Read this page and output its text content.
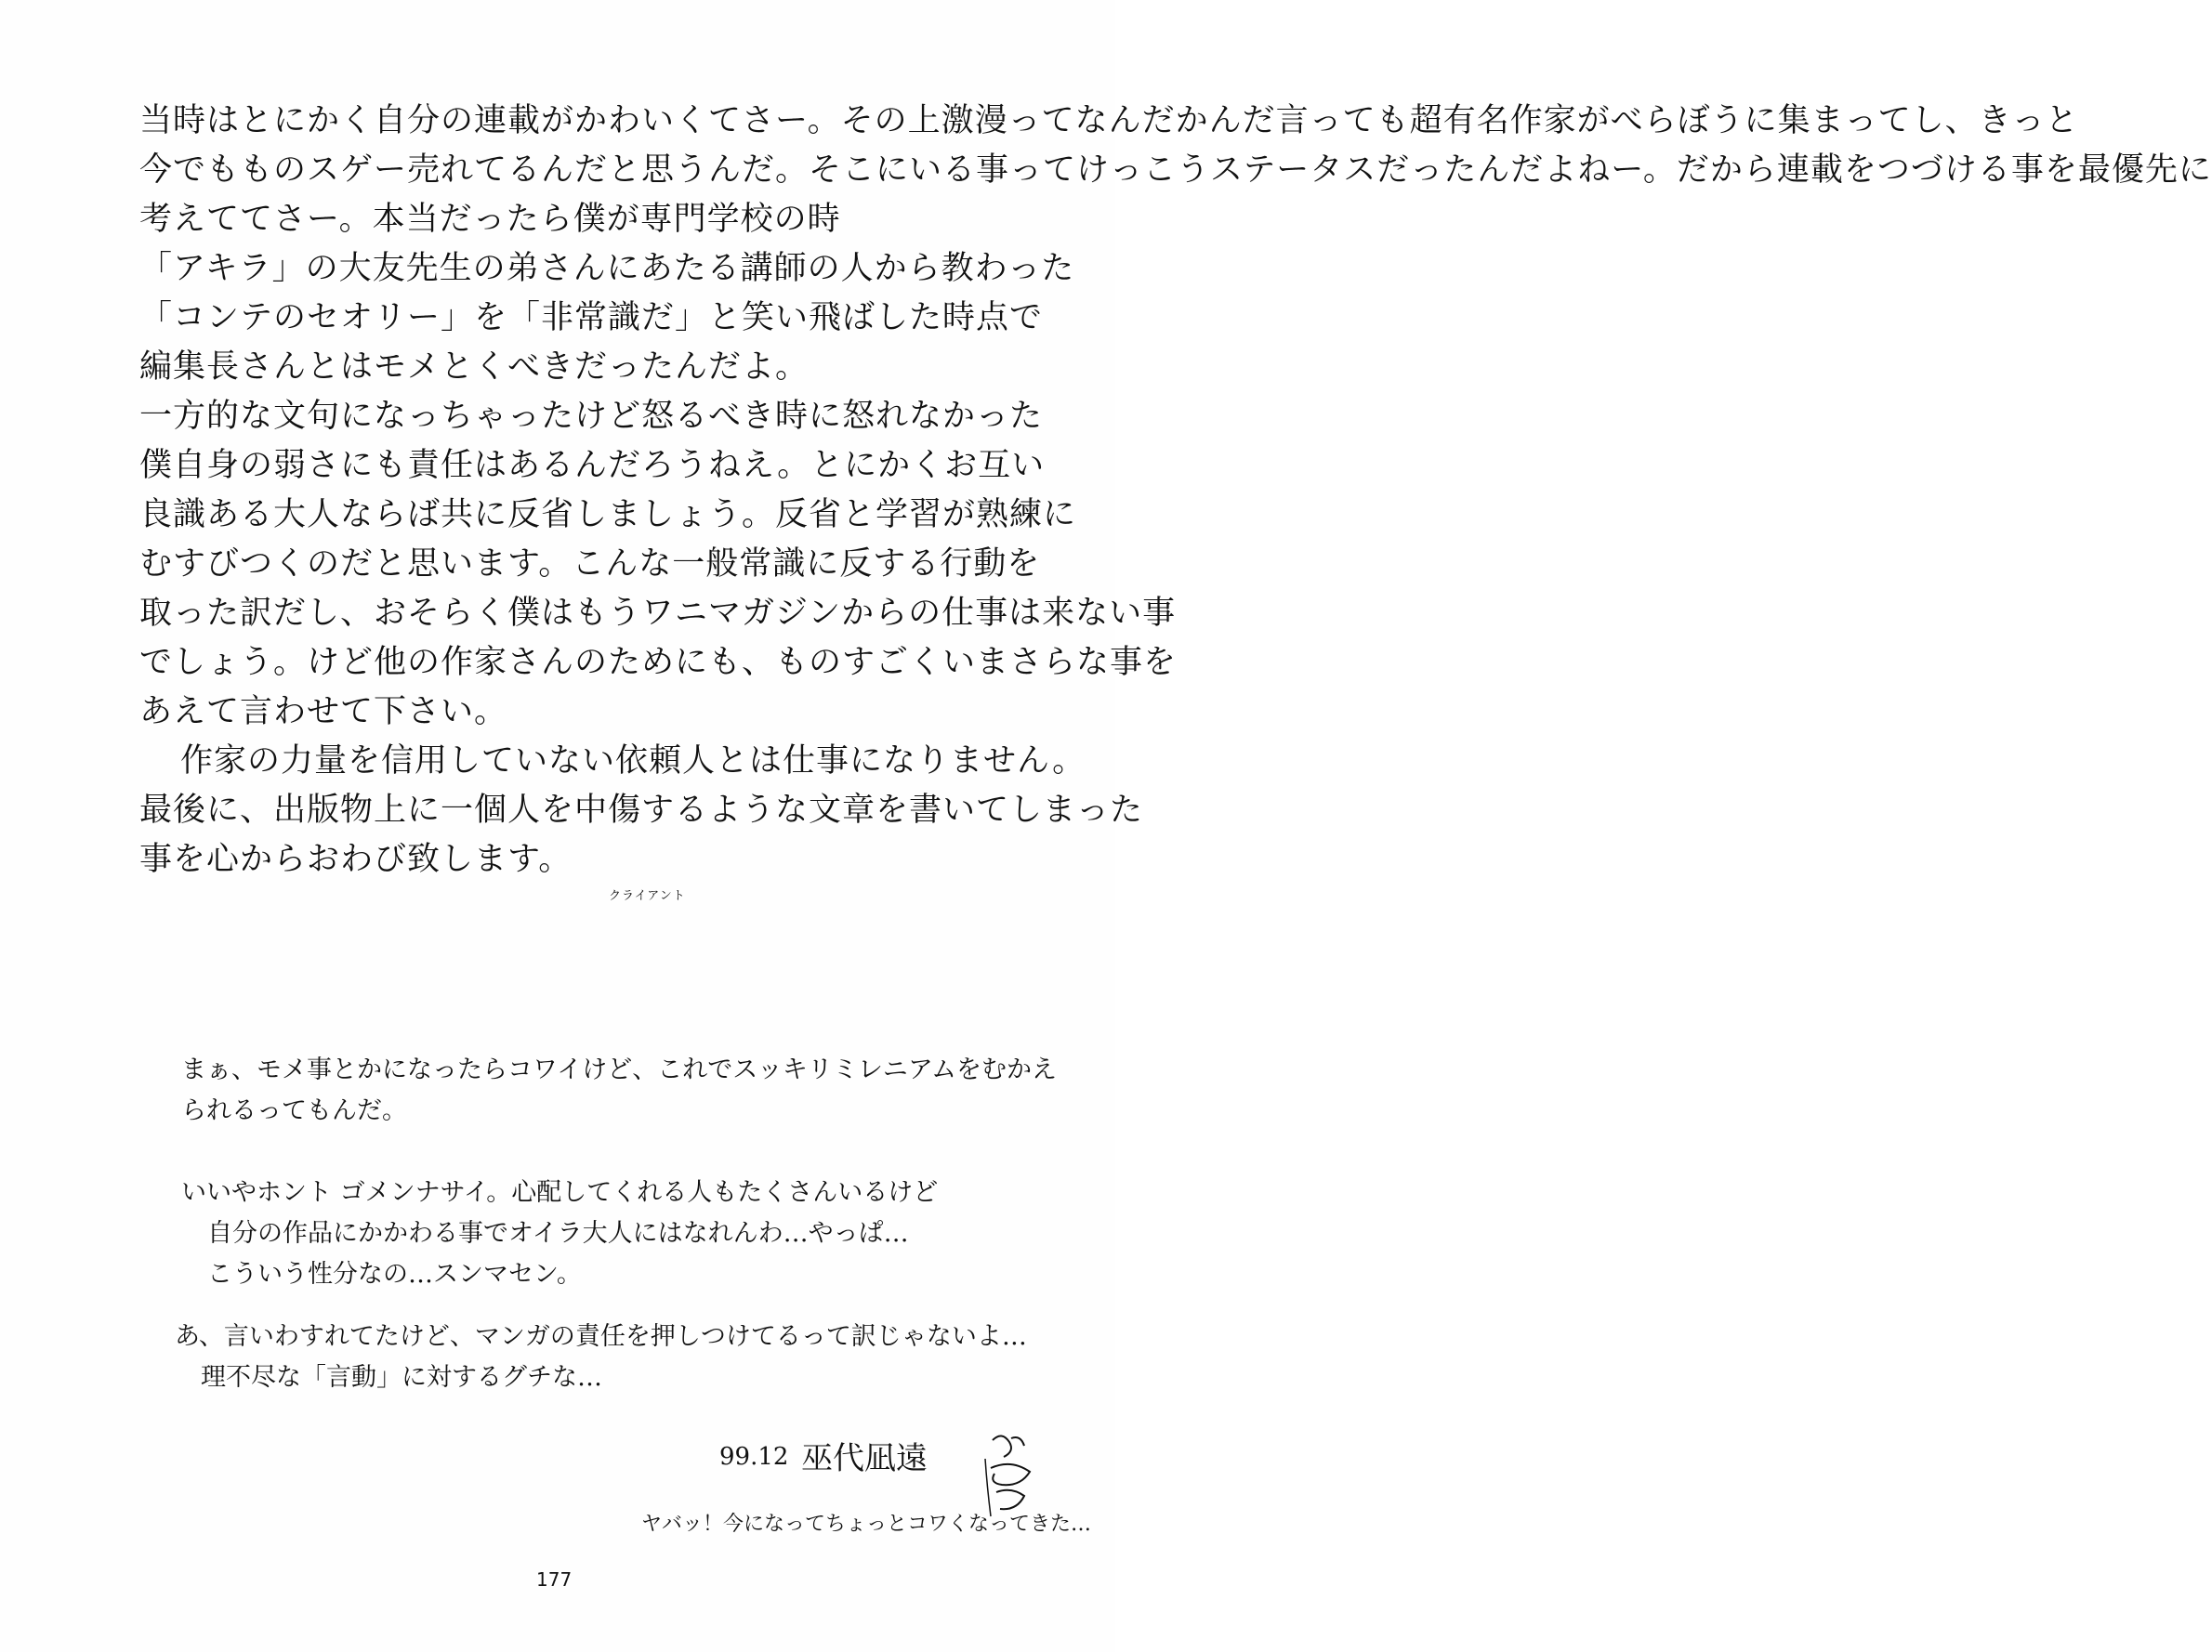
当時はとにかく自分の連載がかわいくてさー。その上激漫ってなんだかんだ言っても超有名作家がべらぼうに集まってし、きっと
今でもものスゲー売れてるんだと思うんだ。そこにいる事ってけっこうステータスだったんだよねー。だから連載をつづける事を最優先に
考えててさー。本当だったら僕が専門学校の時
「アキラ」の大友先生の弟さんにあたる講師の人から教わった
「コンテのセオリー」を「非常識だ」と笑い飛ばした時点で
編集長さんとはモメとくべきだったんだよ。
一方的な文句になっちゃったけど怒るべき時に怒れなかった
僕自身の弱さにも責任はあるんだろうねえ。とにかくお互い
良識ある大人ならば共に反省しましょう。反省と学習が熟練に
むすびつくのだと思います。こんな一般常識に反する行動を
取った訳だし、おそらく僕はもうワニマガジンからの仕事は来ない事
でしょう。けど他の作家さんのためにも、ものすごくいまさらな事を
あえて言わせて下さい。
作家の力量を信用していない依頼人とは仕事になりません。
最後に、出版物上に一個人を中傷するような文章を書いてしまった
事を心からおわび致します。
クライアント
まぁ、モメ事とかになったらコワイけど、これでスッキリミレニアムをむかえ
られるってもんだ。
いいやホント ゴメンナサイ。心配してくれる人もたくさんいるけど
自分の作品にかかわる事でオイラ大人にはなれんわ…やっぱ…
こういう性分なの…スンマセン。
あ、言いわすれてたけど、マンガの責任を押しつけてるって訳じゃないよ…
理不尽な「言動」に対するグチな…
99.12 巫代凪遠
ヤバッ！今になってちょっとコワくなってきた…
177
